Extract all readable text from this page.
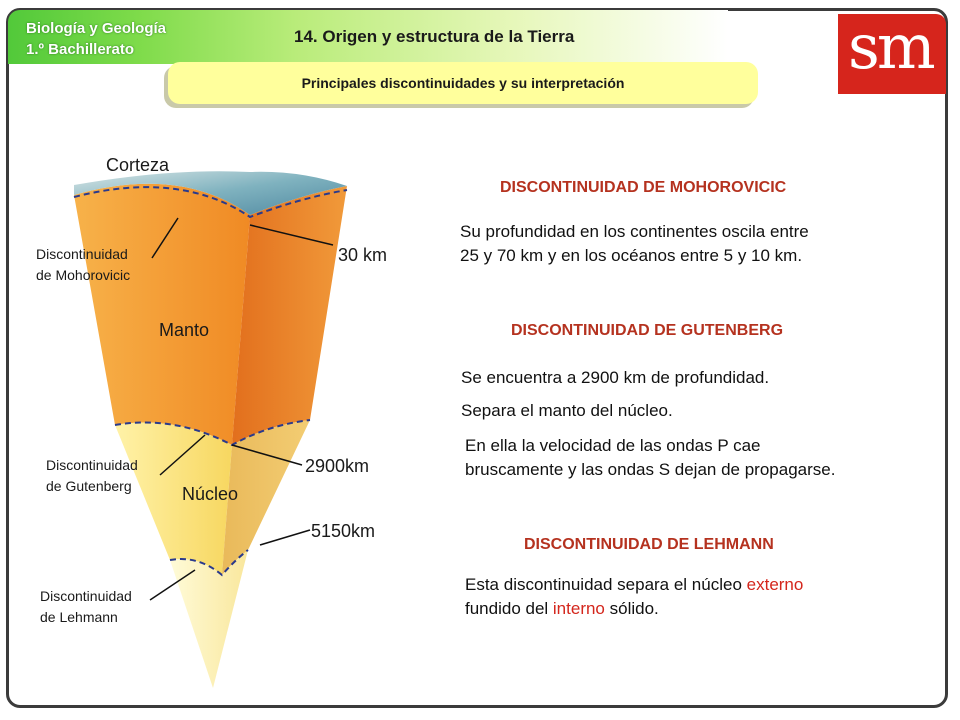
Biología y Geología
1.º Bachillerato
14. Origen y estructura de la Tierra
Principales discontinuidades y su interpretación	sm
Corteza
Manto
Núcleo
Discontinuidad
de Mohorovicic
Discontinuidad
de Gutenberg
Discontinuidad
de Lehmann
30 km
2900km
5150km
DISCONTINUIDAD DE MOHOROVICIC
Su profundidad en los continentes oscila entre
25 y 70 km y en los océanos entre 5 y 10 km.
DISCONTINUIDAD DE GUTENBERG
Se encuentra a 2900 km de profundidad.
Separa el manto del núcleo.
En ella la velocidad de las ondas P cae
bruscamente y las ondas S dejan de propagarse.
DISCONTINUIDAD DE LEHMANN
Esta discontinuidad separa el núcleo externo
fundido del interno sólido.
